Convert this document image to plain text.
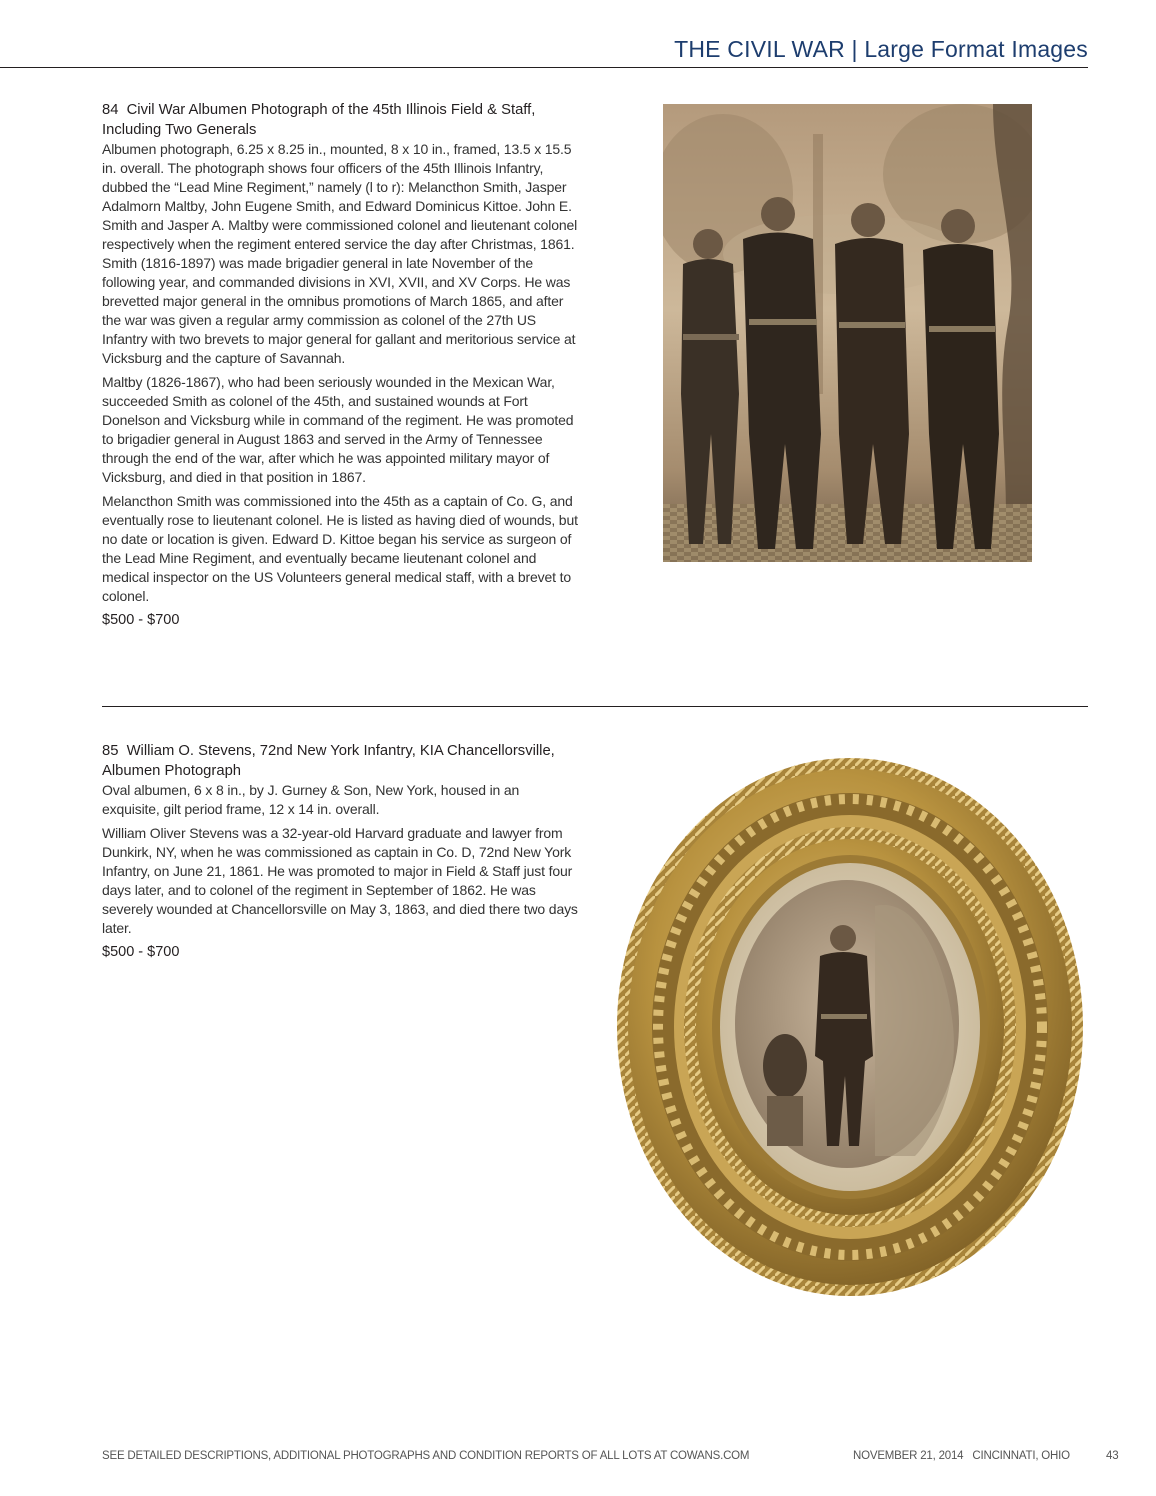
THE CIVIL WAR | Large Format Images
84 Civil War Albumen Photograph of the 45th Illinois Field & Staff, Including Two Generals

Albumen photograph, 6.25 x 8.25 in., mounted, 8 x 10 in., framed, 13.5 x 15.5 in. overall. The photograph shows four officers of the 45th Illinois Infantry, dubbed the “Lead Mine Regiment,” namely (l to r): Melancthon Smith, Jasper Adalmorn Maltby, John Eugene Smith, and Edward Dominicus Kittoe. John E. Smith and Jasper A. Maltby were commissioned colonel and lieutenant colonel respectively when the regiment entered service the day after Christmas, 1861. Smith (1816-1897) was made brigadier general in late November of the following year, and commanded divisions in XVI, XVII, and XV Corps. He was brevetted major general in the omnibus promotions of March 1865, and after the war was given a regular army commission as colonel of the 27th US Infantry with two brevets to major general for gallant and meritorious service at Vicksburg and the capture of Savannah.

Maltby (1826-1867), who had been seriously wounded in the Mexican War, succeeded Smith as colonel of the 45th, and sustained wounds at Fort Donelson and Vicksburg while in command of the regiment. He was promoted to brigadier general in August 1863 and served in the Army of Tennessee through the end of the war, after which he was appointed military mayor of Vicksburg, and died in that position in 1867.

Melancthon Smith was commissioned into the 45th as a captain of Co. G, and eventually rose to lieutenant colonel. He is listed as having died of wounds, but no date or location is given. Edward D. Kittoe began his service as surgeon of the Lead Mine Regiment, and eventually became lieutenant colonel and medical inspector on the US Volunteers general medical staff, with a brevet to colonel.

$500 - $700
85 William O. Stevens, 72nd New York Infantry, KIA Chancellorsville, Albumen Photograph

Oval albumen, 6 x 8 in., by J. Gurney & Son, New York, housed in an exquisite, gilt period frame, 12 x 14 in. overall.

William Oliver Stevens was a 32-year-old Harvard graduate and lawyer from Dunkirk, NY, when he was commissioned as captain in Co. D, 72nd New York Infantry, on June 21, 1861. He was promoted to major in Field & Staff just four days later, and to colonel of the regiment in September of 1862. He was severely wounded at Chancellorsville on May 3, 1863, and died there two days later.

$500 - $700
SEE DETAILED DESCRIPTIONS, ADDITIONAL PHOTOGRAPHS AND CONDITION REPORTS OF ALL LOTS AT COWANS.COM	NOVEMBER 21, 2014   CINCINNATI, OHIO	43
